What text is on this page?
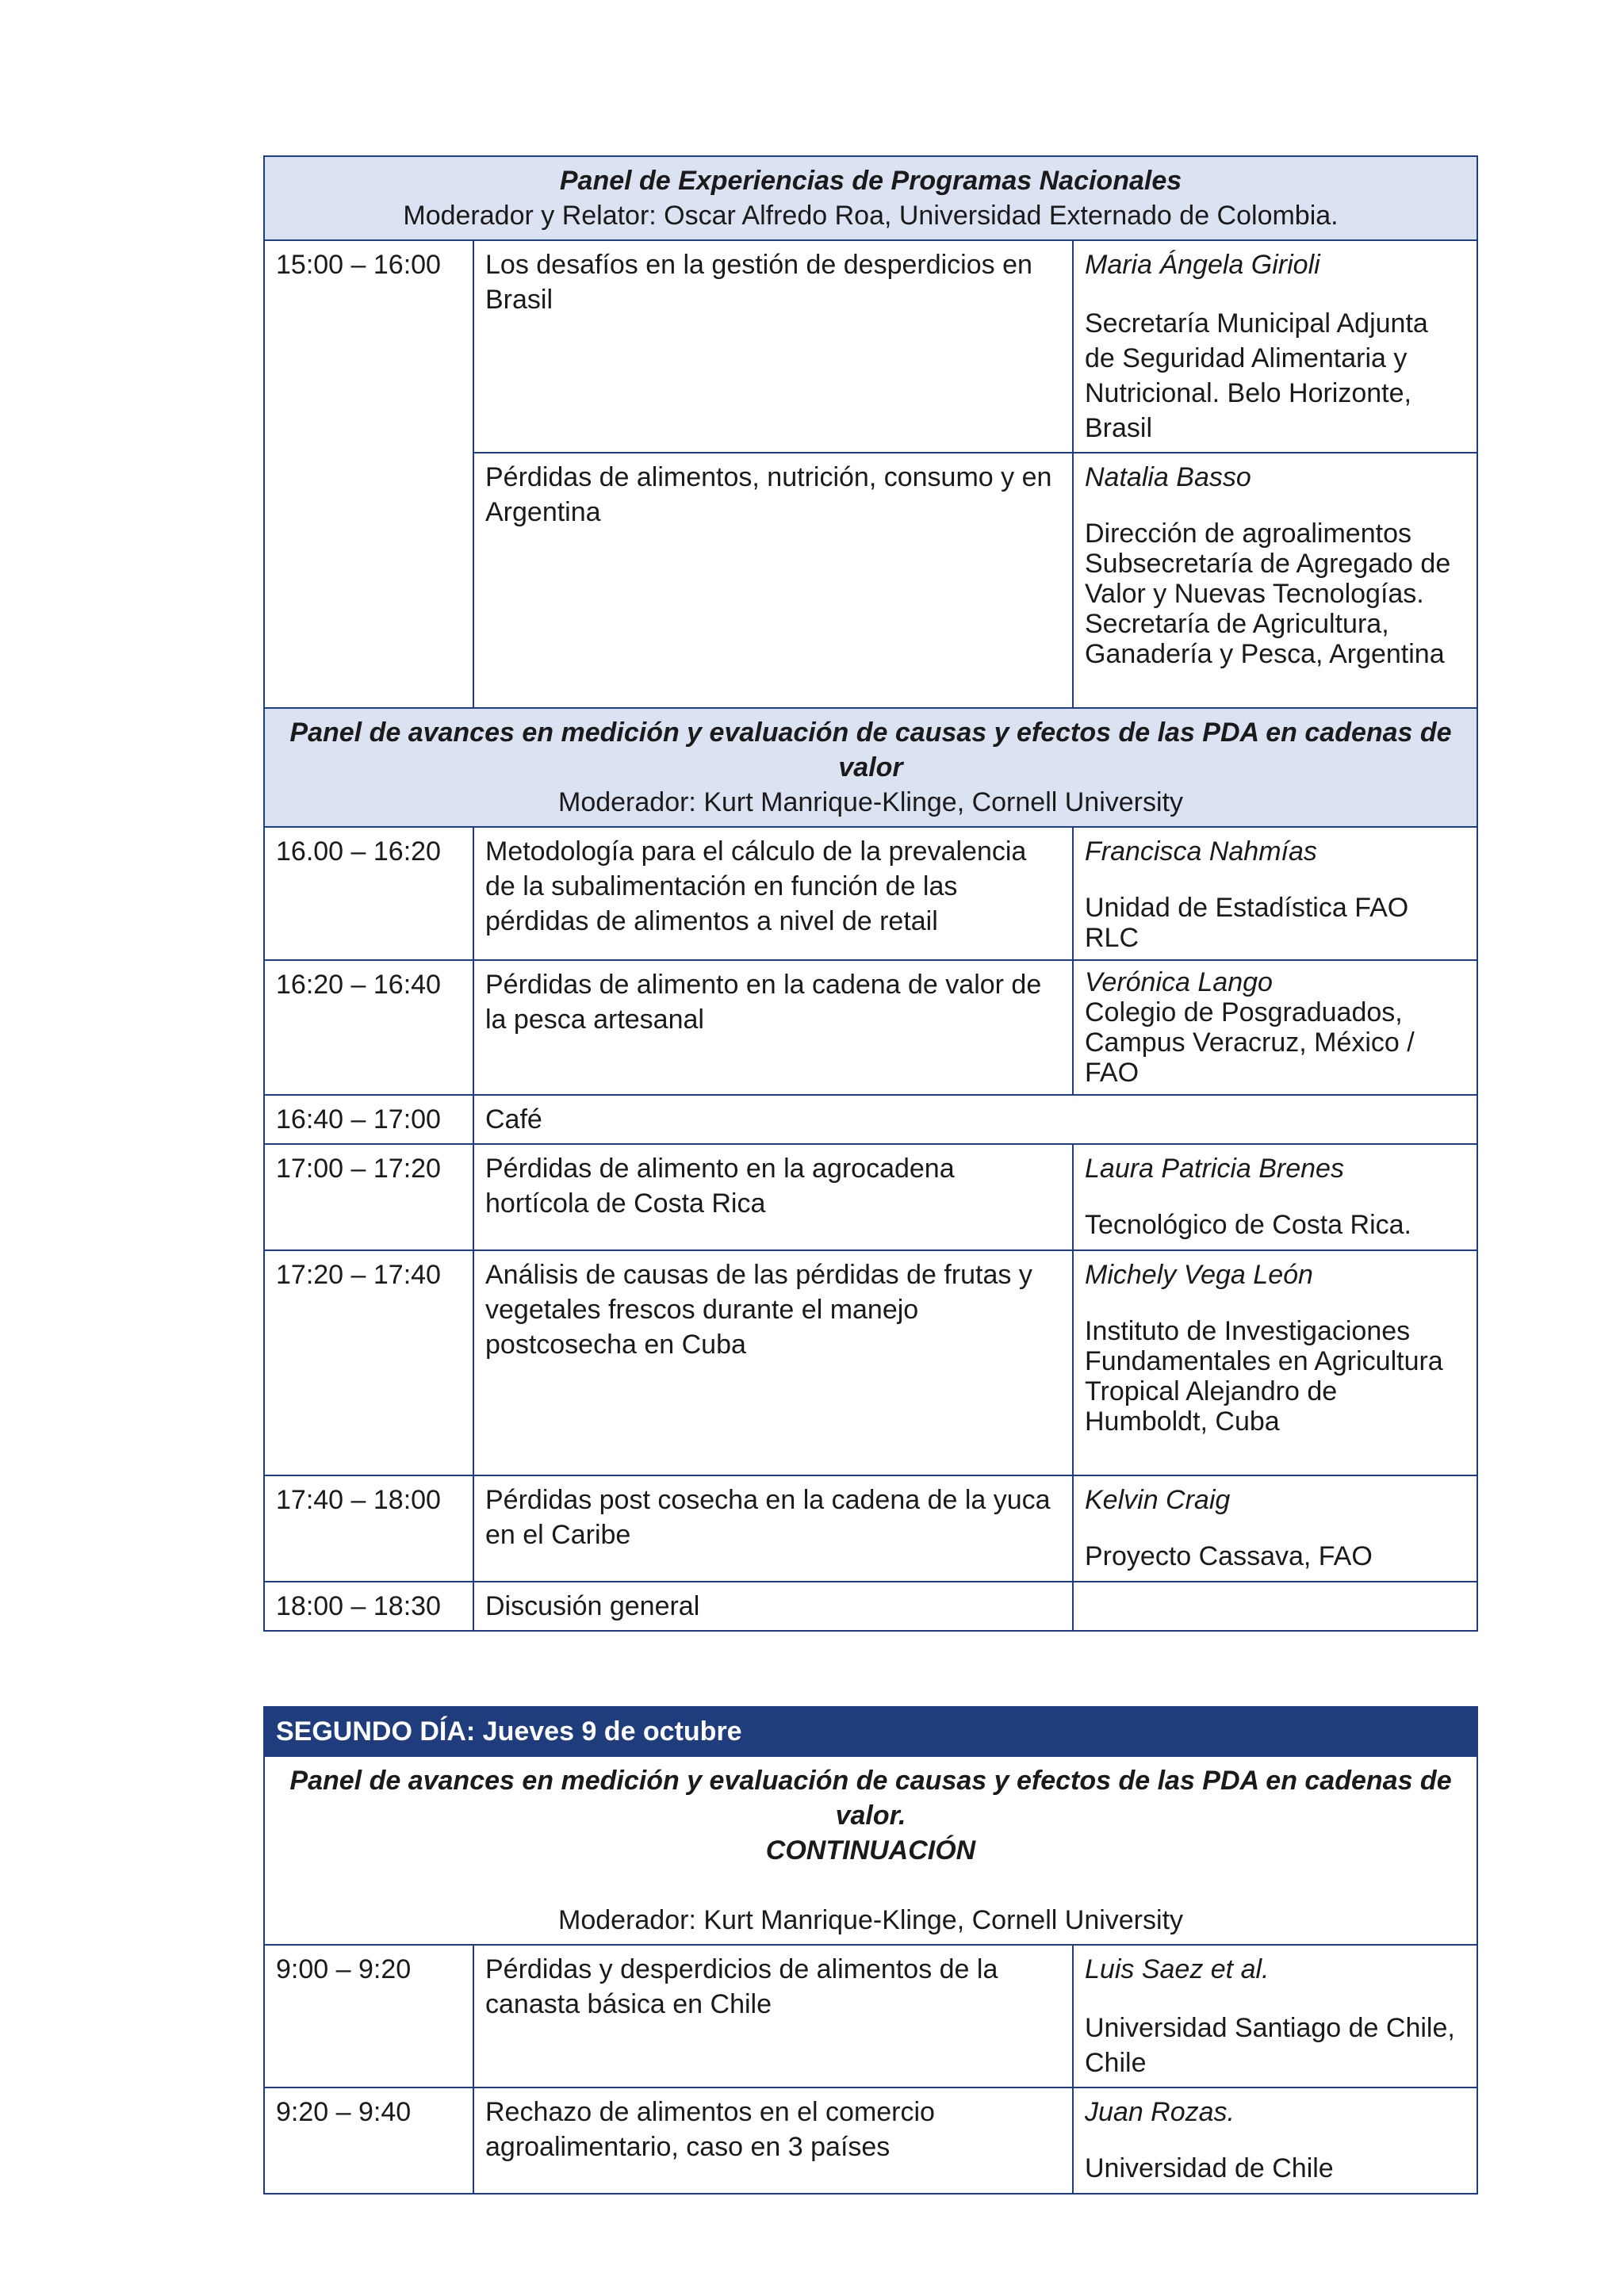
Panel de Experiencias de Programas Nacionales
Moderador y Relator: Oscar Alfredo Roa, Universidad Externado de Colombia.		

15:00 – 16:00	Los desafíos en la gestión de desperdicios en Brasil	Maria Ángela Girioli
Secretaría Municipal Adjunta de Seguridad Alimentaria y Nutricional. Belo Horizonte, Brasil

	Pérdidas de alimentos, nutrición, consumo y en Argentina	Natalia Basso
Dirección de agroalimentos Subsecretaría de Agregado de Valor y Nuevas Tecnologías. Secretaría de Agricultura, Ganadería y Pesca, Argentina

Panel de avances en medición y evaluación de causas y efectos de las PDA en cadenas de valor
Moderador: Kurt Manrique-Klinge, Cornell University		

16.00 – 16:20	Metodología para el cálculo de la prevalencia de la subalimentación en función de las pérdidas de alimentos a nivel de retail	Francisca Nahmías
Unidad de Estadística FAO RLC

16:20 – 16:40	Pérdidas de alimento en la cadena de valor de la pesca artesanal	Verónica Lango
Colegio de Posgraduados, Campus Veracruz, México / FAO

16:40 – 17:00	Café	
17:00 – 17:20	Pérdidas de alimento en la agrocadena hortícola de Costa Rica	Laura Patricia Brenes
Tecnológico de Costa Rica.

17:20 – 17:40	Análisis de causas de las pérdidas de frutas y vegetales frescos durante el manejo postcosecha en Cuba	Michely Vega León
Instituto de Investigaciones Fundamentales en Agricultura Tropical Alejandro de Humboldt, Cuba

17:40 – 18:00	Pérdidas post cosecha en la cadena de la yuca en el Caribe	Kelvin Craig
Proyecto Cassava, FAO

18:00 – 18:30	Discusión general	
SEGUNDO DÍA: Jueves 9 de octubre		

Panel de avances en medición y evaluación de causas y efectos de las PDA en cadenas de valor.
CONTINUACIÓN
Moderador: Kurt Manrique-Klinge, Cornell University		

9:00 – 9:20	Pérdidas y desperdicios de alimentos de la canasta básica en Chile	Luis Saez et al.
Universidad Santiago de Chile, Chile

9:20 – 9:40	Rechazo de alimentos en el comercio agroalimentario, caso en 3 países	Juan Rozas.
Universidad de Chile
